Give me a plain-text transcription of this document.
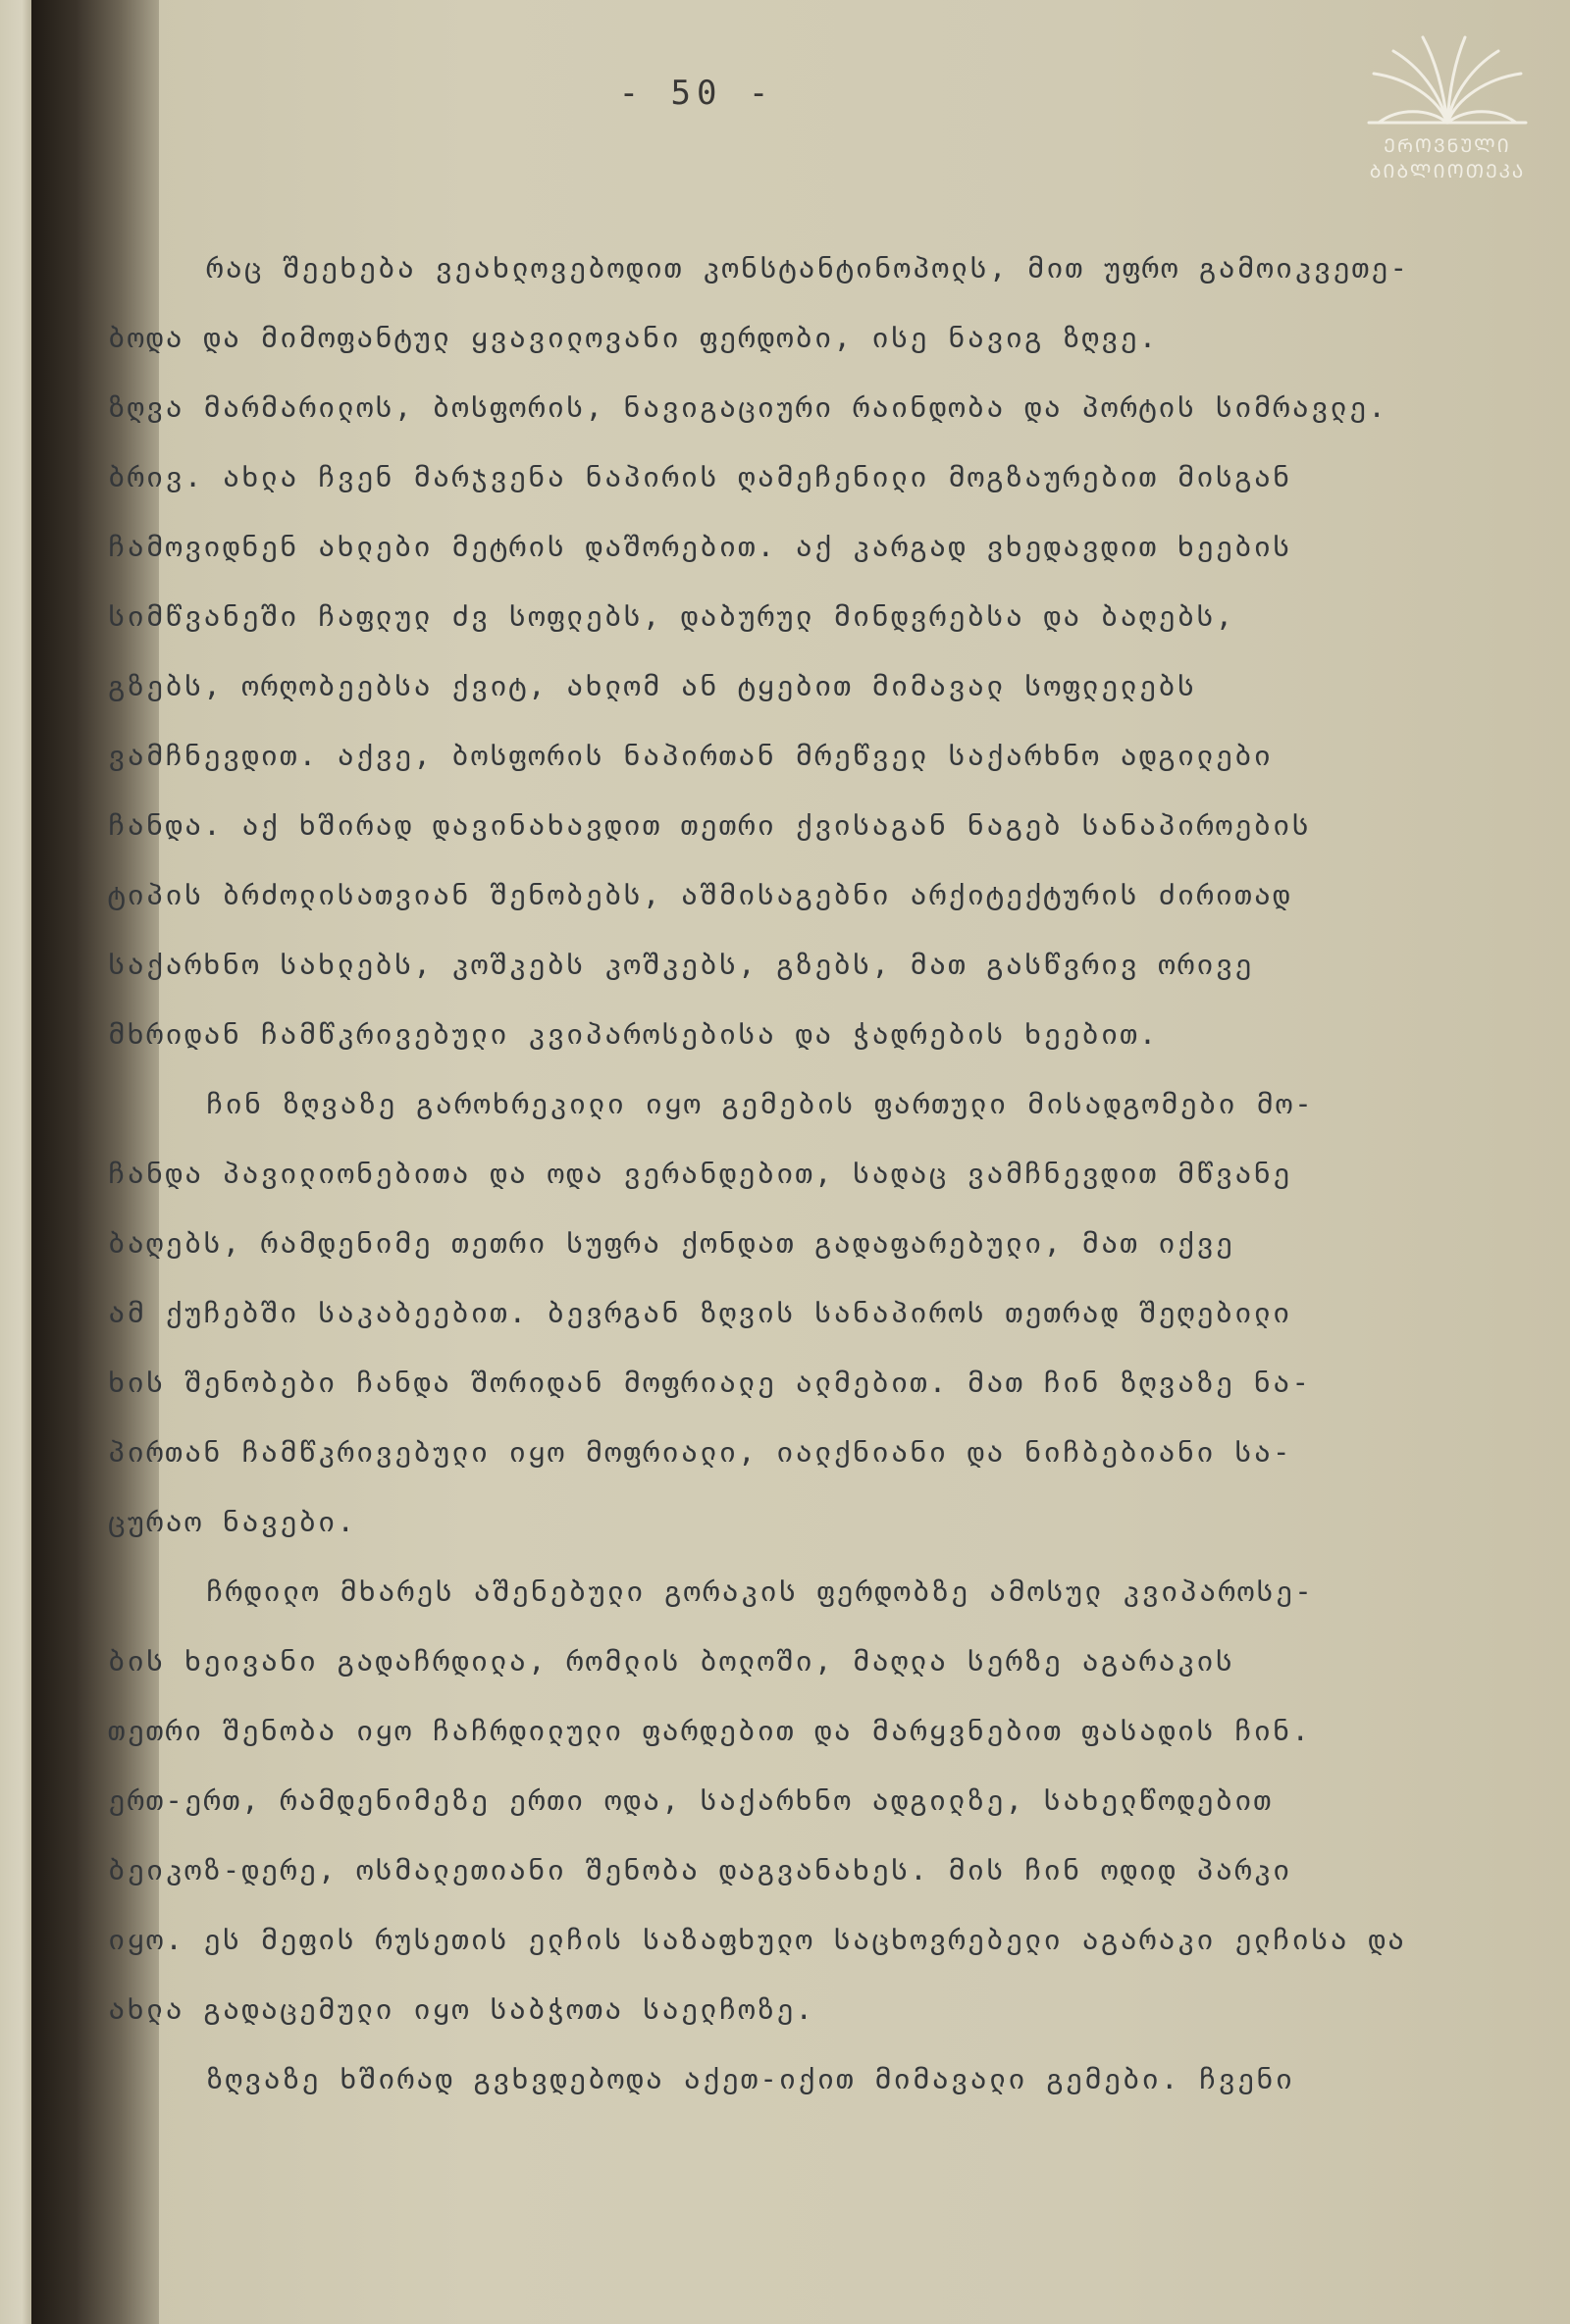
ᲔᲠᲝᲕᲜᲣᲚᲘ
ᲑᲘᲑᲚᲘᲝᲗᲔᲙᲐ
- 50 -
რაც შეეხება ვეახლოვებოდით კონსტანტინოპოლს, მით უფრო გამოიკვეთე-
ბოდა და მიმოფანტულ ყვავილოვანი ფერდობი, ისე ნავიგ ზღვე.
ზღვა მარმარილოს, ბოსფორის, ნავიგაციური რაინდობა და პორტის სიმრავლე.
ბრივ. ახლა ჩვენ მარჯვენა ნაპირის ღამეჩენილი მოგზაურებით მისგან
ჩამოვიდნენ ახლები მეტრის დაშორებით. აქ კარგად ვხედავდით ხეების
სიმწვანეში ჩაფლულ ძვ სოფლებს, დაბურულ მინდვრებსა და ბაღებს,
გზებს, ორღობეებსა ქვიტ, ახლომ ან ტყებით მიმავალ სოფლელებს
ვამჩნევდით. აქვე, ბოსფორის ნაპირთან მრეწველ საქარხნო ადგილები
ჩანდა. აქ ხშირად დავინახავდით თეთრი ქვისაგან ნაგებ სანაპიროების
ტიპის ბრძოლისათვიან შენობებს, აშმისაგებნი არქიტექტურის ძირითად
საქარხნო სახლებს, კოშკებს კოშკებს, გზებს, მათ გასწვრივ ორივე
მხრიდან ჩამწკრივებული კვიპაროსებისა და ჭადრების ხეებით.
ჩინ ზღვაზე გაროხრეკილი იყო გემების ფართული მისადგომები მო-
ჩანდა პავილიონებითა და ოდა ვერანდებით, სადაც ვამჩნევდით მწვანე
ბაღებს, რამდენიმე თეთრი სუფრა ქონდათ გადაფარებული, მათ იქვე
ამ ქუჩებში საკაბეებით. ბევრგან ზღვის სანაპიროს თეთრად შეღებილი
ხის შენობები ჩანდა შორიდან მოფრიალე ალმებით. მათ ჩინ ზღვაზე ნა-
პირთან ჩამწკრივებული იყო მოფრიალი, იალქნიანი და ნიჩბებიანი სა-
ცურაო ნავები.
ჩრდილო მხარეს აშენებული გორაკის ფერდობზე ამოსულ კვიპაროსე-
ბის ხეივანი გადაჩრდილა, რომლის ბოლოში, მაღლა სერზე აგარაკის
თეთრი შენობა იყო ჩაჩრდილული ფარდებით და მარყვნებით ფასადის ჩინ.
ერთ-ერთ, რამდენიმეზე ერთი ოდა, საქარხნო ადგილზე, სახელწოდებით
ბეიკოზ-დერე, ოსმალეთიანი შენობა დაგვანახეს. მის ჩინ ოდიდ პარკი
იყო. ეს მეფის რუსეთის ელჩის საზაფხულო საცხოვრებელი აგარაკი ელჩისა და
ახლა გადაცემული იყო საბჭოთა საელჩოზე.
ზღვაზე ხშირად გვხვდებოდა აქეთ-იქით მიმავალი გემები. ჩვენი
